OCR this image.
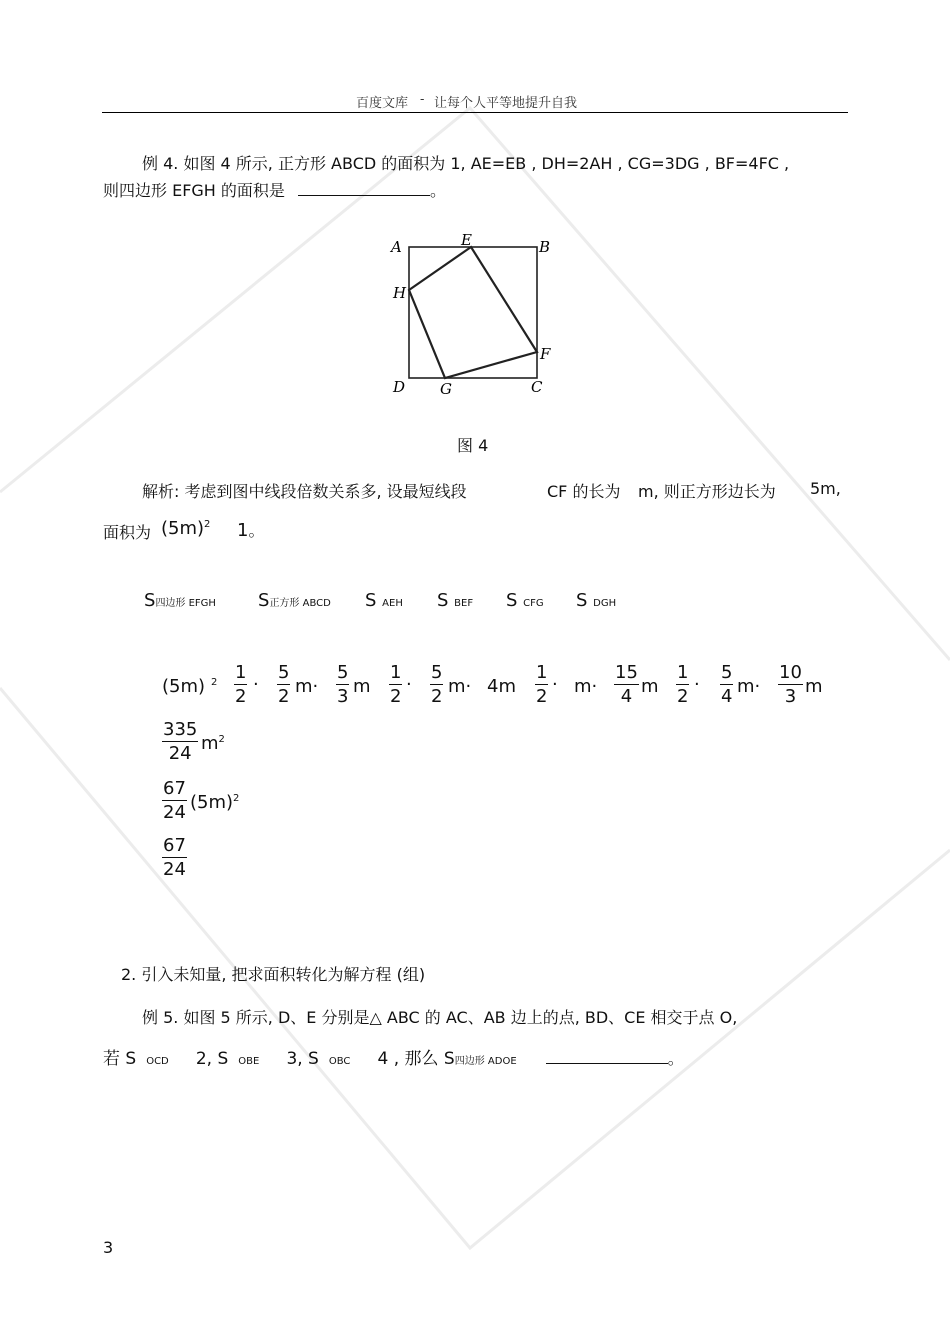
百度文库 - 让每个人平等地提升自我
例 4. 如图 4 所示, 正方形 ABCD 的面积为 1, AE=EB , DH=2AH , CG=3DG , BF=4FC ,
则四边形 EFGH 的面积是	。
A	E	B
H
F
D G	C
图 4
解析: 考虑到图中线段倍数关系多, 设最短线段	CF 的长为 m, 则正方形边长为 5m,
面积为 $(5m)^2$ 1。
S四边形 EFGH S正方形 ABCD S AEH S BEF S CFG S DGH
(5m) $^2 \frac{1}{2} \cdot \frac{5}{2} m\cdot \frac{5}{3}$ m $\frac{1}{2} \cdot \frac{5}{2} m\cdot 4m \frac{1}{2} \cdot m\cdot \frac{15}{4}$ m $\frac{1}{2} \cdot \frac{5}{4} m\cdot \frac{10}{3}$ m
$\frac{335}{24} m^2$
$\frac{67}{24} (5m)^2$
$\frac{67}{24}$
2. 引入未知量, 把求面积转化为解方程 (组)
例 5. 如图 5 所示, D、E 分别是△ ABC 的 AC、AB 边上的点, BD、CE 相交于点 O,
若 S OCD 2, S OBE 3, S OBC 4 , 那么 S四边形 ADOE	。
3
